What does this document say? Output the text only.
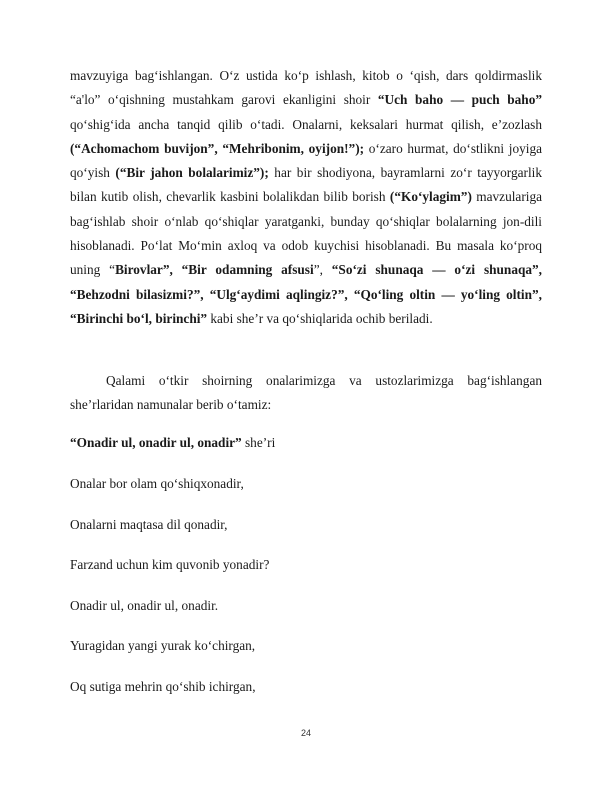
mavzuyiga bag‘ishlangan. O‘z ustida ko‘p ishlash, kitob o ‘qish, dars qoldirmaslik “a'lo” o‘qishning mustahkam garovi ekanligini shoir “Uch baho — puch baho” qo‘shig‘ida ancha tanqid qilib o‘tadi. Onalarni, keksalari hurmat qilish, e’zozlash (“Achomachom buvijon”, “Mehribonim, oyijon!”); o‘zaro hurmat, do‘stlikni joyiga qo‘yish (“Bir jahon bolalarimiz”); har bir shodiyona, bayramlarni zo‘r tayyorgarlik bilan kutib olish, chevarlik kasbini bolalikdan bilib borish (“Ko‘ylagim”) mavzulariga bag‘ishlab shoir o‘nlab qo‘shiqlar yaratganki, bunday qo‘shiqlar bolalarning jon-dili hisoblanadi. Po‘lat Mo‘min axloq va odob kuychisi hisoblanadi. Bu masala ko‘proq uning “Birovlar”, “Bir odamning afsusi”, “So‘zi shunaqa — o‘zi shunaqa”, “Behzodni bilasizmi?”, “Ulg‘aydimi aqlingiz?”, “Qo‘ling oltin — yo‘ling oltin”, “Birinchi bo‘l, birinchi” kabi she’r va qo‘shiqlarida ochib beriladi.
Qalami o‘tkir shoirning onalarimizga va ustozlarimizga bag‘ishlangan she’rlaridan namunalar berib o‘tamiz:
“Onadir ul, onadir ul, onadir” she’ri
Onalar bor olam qo‘shiqxonadir,
Onalarni maqtasa dil qonadir,
Farzand uchun kim quvonib yonadir?
Onadir ul, onadir ul, onadir.
Yuragidan yangi yurak ko‘chirgan,
Oq sutiga mehrin qo‘shib ichirgan,
24
